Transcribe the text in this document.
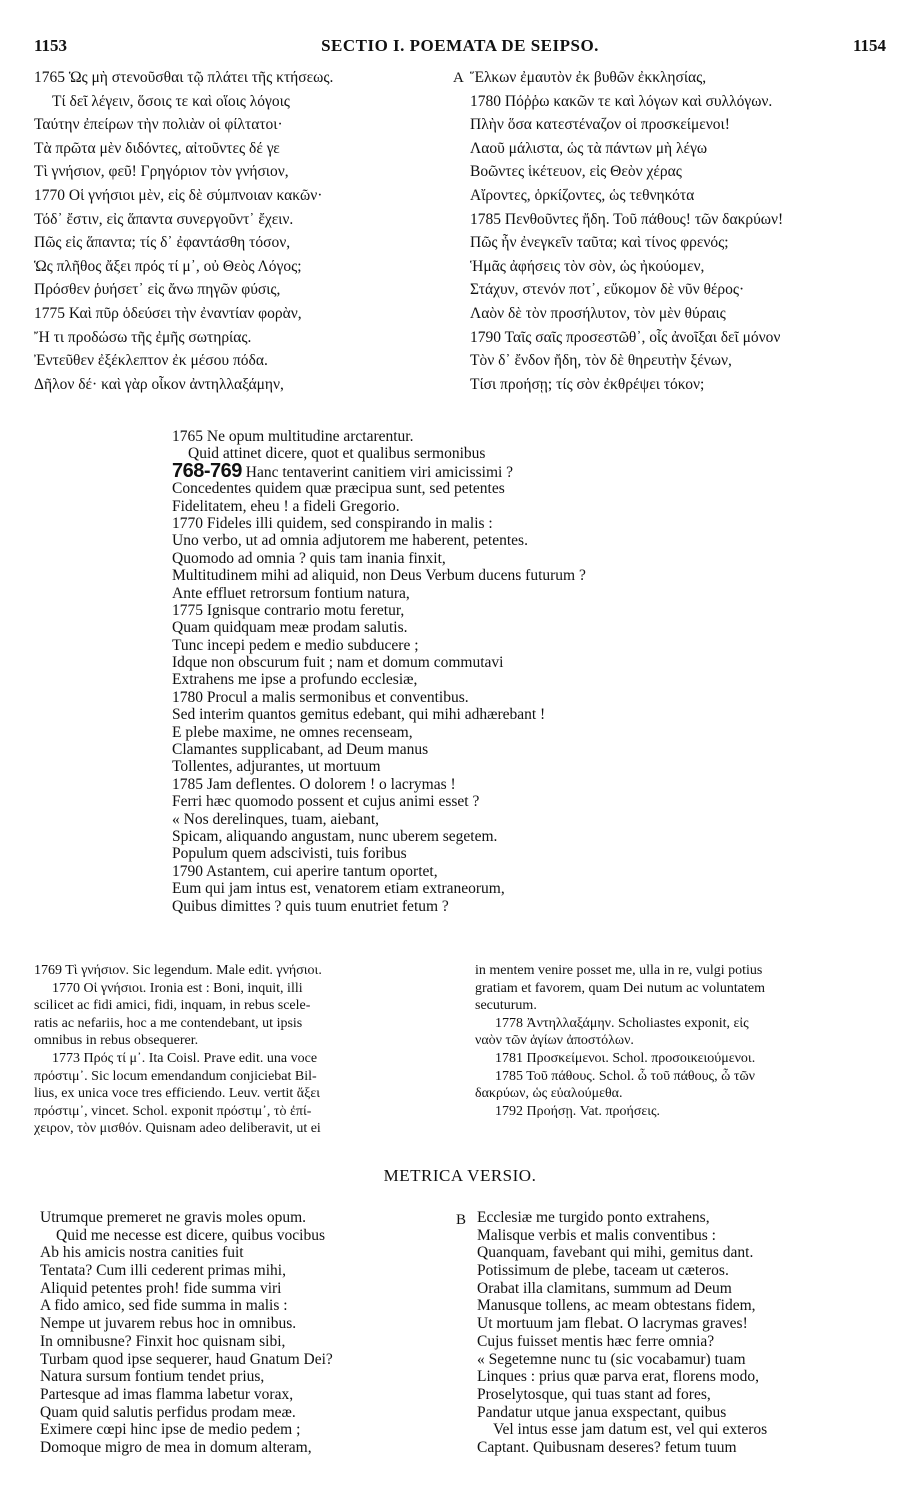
1153	SECTIO I. POEMATA DE SEIPSO.	1154
1765 Ὡς μὴ στενοῦσθαι τῷ πλάτει τῆς κτήσεως.
Τί δεῖ λέγειν, ὅσοις τε καὶ οἵοις λόγοις
Ταύτην ἐπείρων τὴν πολιὰν οἱ φίλτατοι·
Τὰ πρῶτα μὲν διδόντες, αἰτοῦντες δέ γε
Τὶ γνήσιον, φεῦ! Γρηγόριον τὸν γνήσιον,
1770 Οἱ γνήσιοι μὲν, εἰς δὲ σύμπνοιαν κακῶν·
Τόδ᾽ ἔστιν, εἰς ἅπαντα συνεργοῦντ᾽ ἔχειν.
Πῶς εἰς ἅπαντα; τίς δ᾽ ἐφαντάσθη τόσον,
Ὡς πλῆθος ἄξει πρός τί μ᾽, οὐ Θεὸς Λόγος;
Πρόσθεν ῥυήσετ᾽ εἰς ἄνω πηγῶν φύσις,
1775 Καὶ πῦρ ὁδεύσει τὴν ἐναντίαν φορὰν,
Ἤ τι προδώσω τῆς ἐμῆς σωτηρίας.
Ἐντεῦθεν ἐξέκλεπτον ἐκ μέσου πόδα.
Δῆλον δέ· καὶ γὰρ οἶκον ἀντηλλαξάμην,
A Ἕλκων ἐμαυτὸν ἐκ βυθῶν ἐκκλησίας,
1780 Πόῤῥω κακῶν τε καὶ λόγων καὶ συλλόγων.
Πλὴν ὅσα κατεστέναζον οἱ προσκείμενοι!
Λαοῦ μάλιστα, ὡς τὰ πάντων μὴ λέγω
Βοῶντες ἱκέτευον, εἰς Θεὸν χέρας
Αἴροντες, ὁρκίζοντες, ὡς τεθνηκότα
1785 Πενθοῦντες ἤδη. Τοῦ πάθους! τῶν δακρύων!
Πῶς ἦν ἐνεγκεῖν ταῦτα; καὶ τίνος φρενός;
Ἡμᾶς ἀφήσεις τὸν σὸν, ὡς ἠκούομεν,
Στάχυν, στενόν ποτ᾽, εὔκομον δὲ νῦν θέρος·
Λαὸν δὲ τὸν προσήλυτον, τὸν μὲν θύραις
1790 Ταῖς σαῖς προσεστῶθ᾽, οἷς ἀνοῖξαι δεῖ μόνον
Τὸν δ᾽ ἔνδον ἤδη, τὸν δὲ θηρευτὴν ξένων,
Τίσι προήσῃ; τίς σὸν ἐκθρέψει τόκον;
1765 Ne opum multitudine arctarentur.
Quid attinet dicere, quot et qualibus sermonibus
768-769 Hanc tentaverint canitiem viri amicissimi ?
Concedentes quidem quæ præcipua sunt, sed petentes
Fidelitatem, eheu ! a fideli Gregorio.
1770 Fideles illi quidem, sed conspirando in malis :
Uno verbo, ut ad omnia adjutorem me haberent, petentes.
Quomodo ad omnia ? quis tam inania finxit,
Multitudinem mihi ad aliquid, non Deus Verbum ducens futurum ?
Ante effluet retrorsum fontium natura,
1775 Ignisque contrario motu feretur,
Quam quidquam meæ prodam salutis.
Tunc incepi pedem e medio subducere ;
Idque non obscurum fuit ; nam et domum commutavi
Extrahens me ipse a profundo ecclesiæ,
1780 Procul a malis sermonibus et conventibus.
Sed interim quantos gemitus edebant, qui mihi adhærebant !
E plebe maxime, ne omnes recenseam,
Clamantes supplicabant, ad Deum manus
Tollentes, adjurantes, ut mortuum
1785 Jam deflentes. O dolorem ! o lacrymas !
Ferri hæc quomodo possent et cujus animi esset ?
« Nos derelinques, tuam, aiebant,
Spicam, aliquando angustam, nunc uberem segetem.
Populum quem adscivisti, tuis foribus
1790 Astantem, cui aperire tantum oportet,
Eum qui jam intus est, venatorem etiam extraneorum,
Quibus dimittes ? quis tuum enutriet fetum ?
1769 Τὶ γνήσιον. Sic legendum. Male edit. γνήσιοι.
1770 Οἱ γνήσιοι. Ironia est : Boni, inquit, illi
scilicet ac fidi amici, fidi, inquam, in rebus scele-
ratis ac nefariis, hoc a me contendebant, ut ipsis
omnibus in rebus obsequerer.
1773 Πρός τί μ᾽. Ita Coisl. Prave edit. una voce
πρόστιμ᾽. Sic locum emendandum conjiciebat Bil-
lius, ex unica voce tres efficiendo. Leuv. vertit ἄξει
πρόστιμ᾽, vincet. Schol. exponit πρόστιμ᾽, τὸ ἐπί-
χειρον, τὸν μισθόν. Quisnam adeo deliberavit, ut ei
in mentem venire posset me, ulla in re, vulgi potius
gratiam et favorem, quam Dei nutum ac voluntatem
secuturum.
1778 Ἀντηλλαξάμην. Scholiastes exponit, εἰς
ναὸν τῶν ἁγίων ἀποστόλων.
1781 Προσκείμενοι. Schol. προσοικειούμενοι.
1785 Τοῦ πάθους. Schol. ὦ τοῦ πάθους, ὦ τῶν
δακρύων, ὡς εὐαλούμεθα.
1792 Προήσῃ. Vat. προήσεις.
METRICA VERSIO.
Utrumque premeret ne gravis moles opum.
Quid me necesse est dicere, quibus vocibus
Ab his amicis nostra canities fuit
Tentata? Cum illi cederent primas mihi,
Aliquid petentes proh! fide summa viri
A fido amico, sed fide summa in malis :
Nempe ut juvarem rebus hoc in omnibus.
In omnibusne? Finxit hoc quisnam sibi,
Turbam quod ipse sequerer, haud Gnatum Dei?
Natura sursum fontium tendet prius,
Partesque ad imas flamma labetur vorax,
Quam quid salutis perfidus prodam meæ.
Eximere cœpi hinc ipse de medio pedem ;
Domoque migro de mea in domum alteram,
B Ecclesiæ me turgido ponto extrahens,
Malisque verbis et malis conventibus :
Quanquam, favebant qui mihi, gemitus dant.
Potissimum de plebe, taceam ut cæteros.
Orabat illa clamitans, summum ad Deum
Manusque tollens, ac meam obtestans fidem,
Ut mortuum jam flebat. O lacrymas graves!
Cujus fuisset mentis hæc ferre omnia?
« Segetemne nunc tu (sic vocabamur) tuam
Linques : prius quæ parva erat, florens modo,
Proselytosque, qui tuas stant ad fores,
Pandatur utque janua exspectant, quibus
Vel intus esse jam datum est, vel qui exteros
Captant. Quibusnam deseres? fetum tuum
